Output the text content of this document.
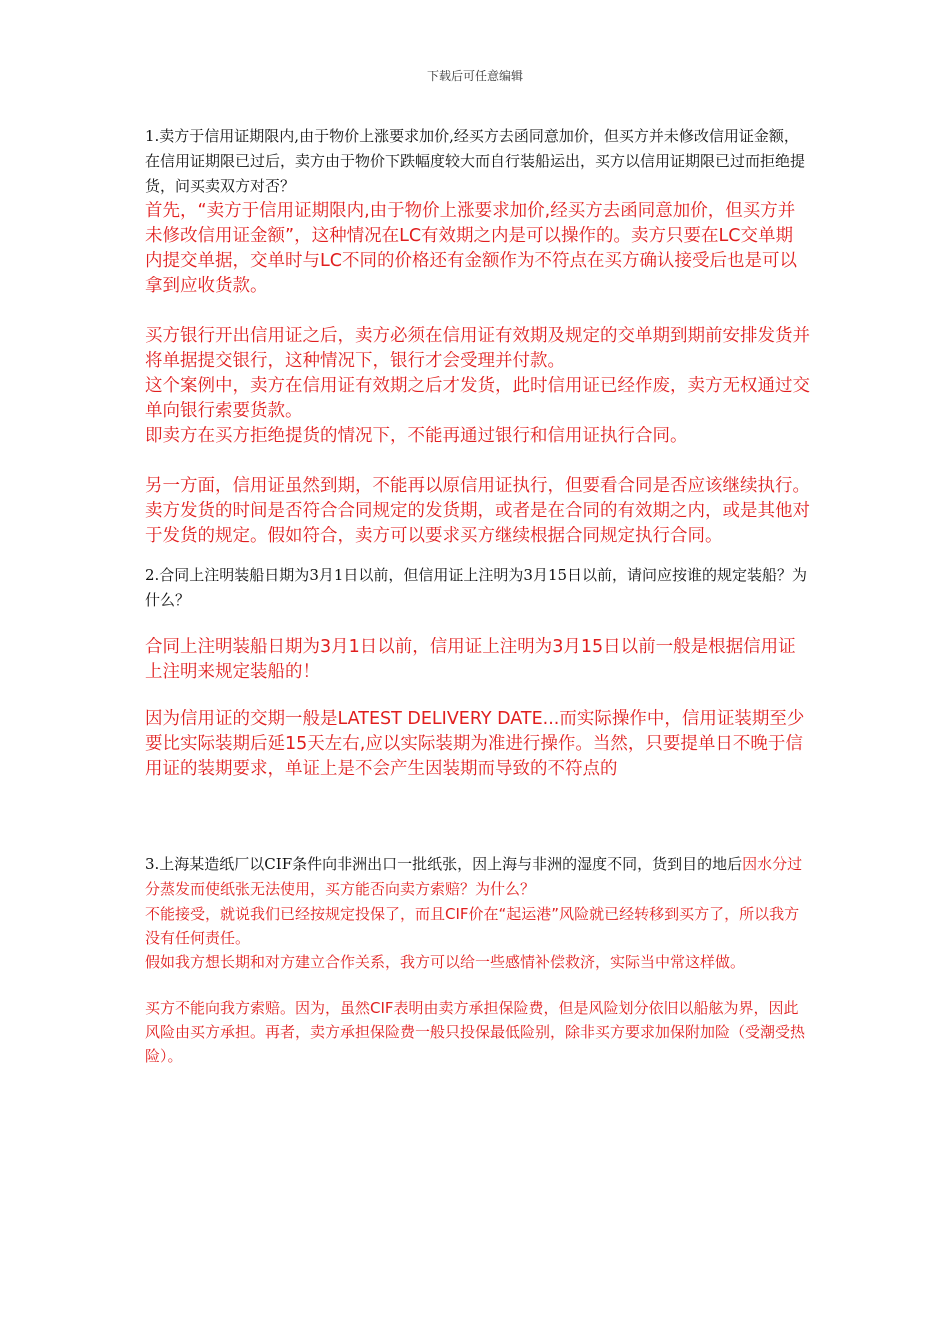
下载后可任意编辑

1.卖方于信用证期限内,由于物价上涨要求加价,经买方去函同意加价，但买方并未修改信用证金额，在信用证期限已过后，卖方由于物价下跌幅度较大而自行装船运出，买方以信用证期限已过而拒绝提货，问买卖双方对否？

首先，“卖方于信用证期限内,由于物价上涨要求加价,经买方去函同意加价，但买方并未修改信用证金额”，这种情况在LC有效期之内是可以操作的。卖方只要在LC交单期内提交单据，交单时与LC不同的价格还有金额作为不符点在买方确认接受后也是可以拿到应收货款。

买方银行开出信用证之后，卖方必须在信用证有效期及规定的交单期到期前安排发货并将单据提交银行，这种情况下，银行才会受理并付款。

这个案例中，卖方在信用证有效期之后才发货，此时信用证已经作废，卖方无权通过交单向银行索要货款。

即卖方在买方拒绝提货的情况下，不能再通过银行和信用证执行合同。

另一方面，信用证虽然到期，不能再以原信用证执行，但要看合同是否应该继续执行。卖方发货的时间是否符合合同规定的发货期，或者是在合同的有效期之内，或是其他对于发货的规定。假如符合，卖方可以要求买方继续根据合同规定执行合同。

2.合同上注明装船日期为3月1日以前，但信用证上注明为3月15日以前，请问应按谁的规定装船？为什么？

合同上注明装船日期为3月1日以前，信用证上注明为3月15日以前一般是根据信用证上注明来规定装船的！

因为信用证的交期一般是LATEST DELIVERY DATE...而实际操作中，信用证装期至少要比实际装期后延15天左右,应以实际装期为准进行操作。当然，只要提单日不晚于信用证的装期要求，单证上是不会产生因装期而导致的不符点的

3.上海某造纸厂以CIF条件向非洲出口一批纸张，因上海与非洲的湿度不同，货到目的地后因水分过分蒸发而使纸张无法使用，买方能否向卖方索赔？为什么？

不能接受，就说我们已经按规定投保了，而且CIF价在“起运港”风险就已经转移到买方了，所以我方没有任何责任。

假如我方想长期和对方建立合作关系，我方可以给一些感情补偿救济，实际当中常这样做。

买方不能向我方索赔。因为，虽然CIF表明由卖方承担保险费，但是风险划分依旧以船舷为界，因此风险由买方承担。再者，卖方承担保险费一般只投保最低险别，除非买方要求加保附加险（受潮受热险）。
